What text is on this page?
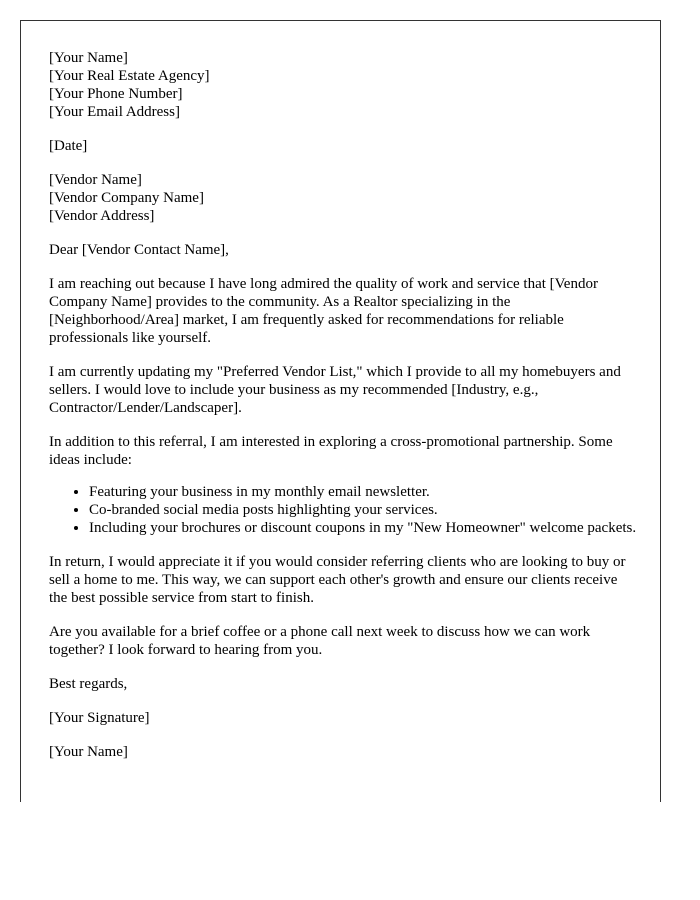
[Your Name]
[Your Real Estate Agency]
[Your Phone Number]
[Your Email Address]
[Date]
[Vendor Name]
[Vendor Company Name]
[Vendor Address]

Dear [Vendor Contact Name],

I am reaching out because I have long admired the quality of work and service that [Vendor Company Name] provides to the community. As a Realtor specializing in the [Neighborhood/Area] market, I am frequently asked for recommendations for reliable professionals like yourself.

I am currently updating my "Preferred Vendor List," which I provide to all my homebuyers and sellers. I would love to include your business as my recommended [Industry, e.g., Contractor/Lender/Landscaper].

In addition to this referral, I am interested in exploring a cross-promotional partnership. Some ideas include:

• Featuring your business in my monthly email newsletter.
• Co-branded social media posts highlighting your services.
• Including your brochures or discount coupons in my "New Homeowner" welcome packets.

In return, I would appreciate it if you would consider referring clients who are looking to buy or sell a home to me. This way, we can support each other's growth and ensure our clients receive the best possible service from start to finish.

Are you available for a brief coffee or a phone call next week to discuss how we can work together? I look forward to hearing from you.

Best regards,

[Your Signature]

[Your Name]
